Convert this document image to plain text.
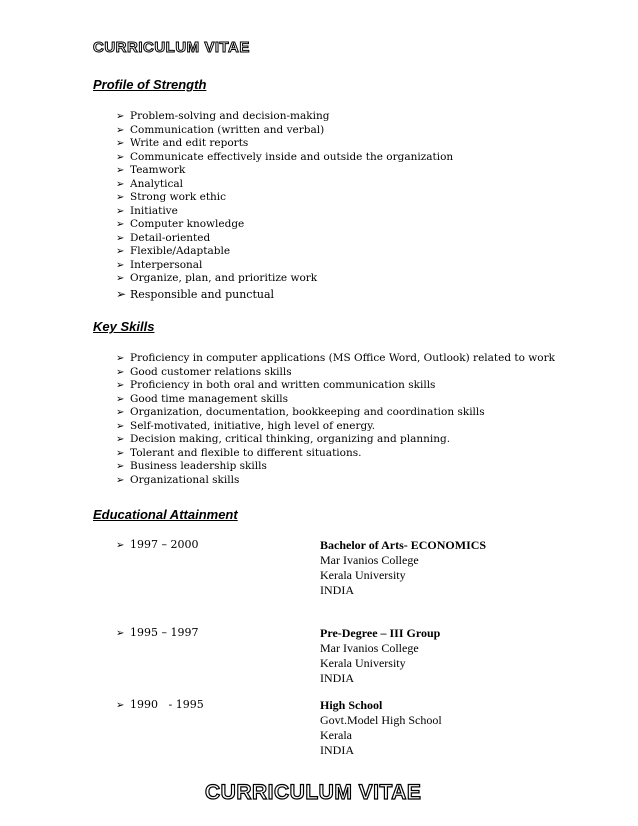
CURRICULUM VITAE
Profile of Strength
➢ Problem-solving and decision-making
➢ Communication (written and verbal)
➢ Write and edit reports
➢ Communicate effectively inside and outside the organization
➢ Teamwork
➢ Analytical
➢ Strong work ethic
➢ Initiative
➢ Computer knowledge
➢ Detail-oriented
➢ Flexible/Adaptable
➢ Interpersonal
➢ Organize, plan, and prioritize work
➢ Responsible and punctual
Key Skills
➢ Proficiency in computer applications (MS Office Word, Outlook) related to work
➢ Good customer relations skills
➢ Proficiency in both oral and written communication skills
➢ Good time management skills
➢ Organization, documentation, bookkeeping and coordination skills
➢ Self-motivated, initiative, high level of energy.
➢ Decision making, critical thinking, organizing and planning.
➢ Tolerant and flexible to different situations.
➢ Business leadership skills
➢ Organizational skills
Educational Attainment
➢ 1997 – 2000	Bachelor of Arts- ECONOMICS
Mar Ivanios College
Kerala University
INDIA
➢ 1995 – 1997	Pre-Degree – III Group
Mar Ivanios College
Kerala University
INDIA
➢ 1990   - 1995	High School
Govt.Model High School
Kerala
INDIA
CURRICULUM VITAE
